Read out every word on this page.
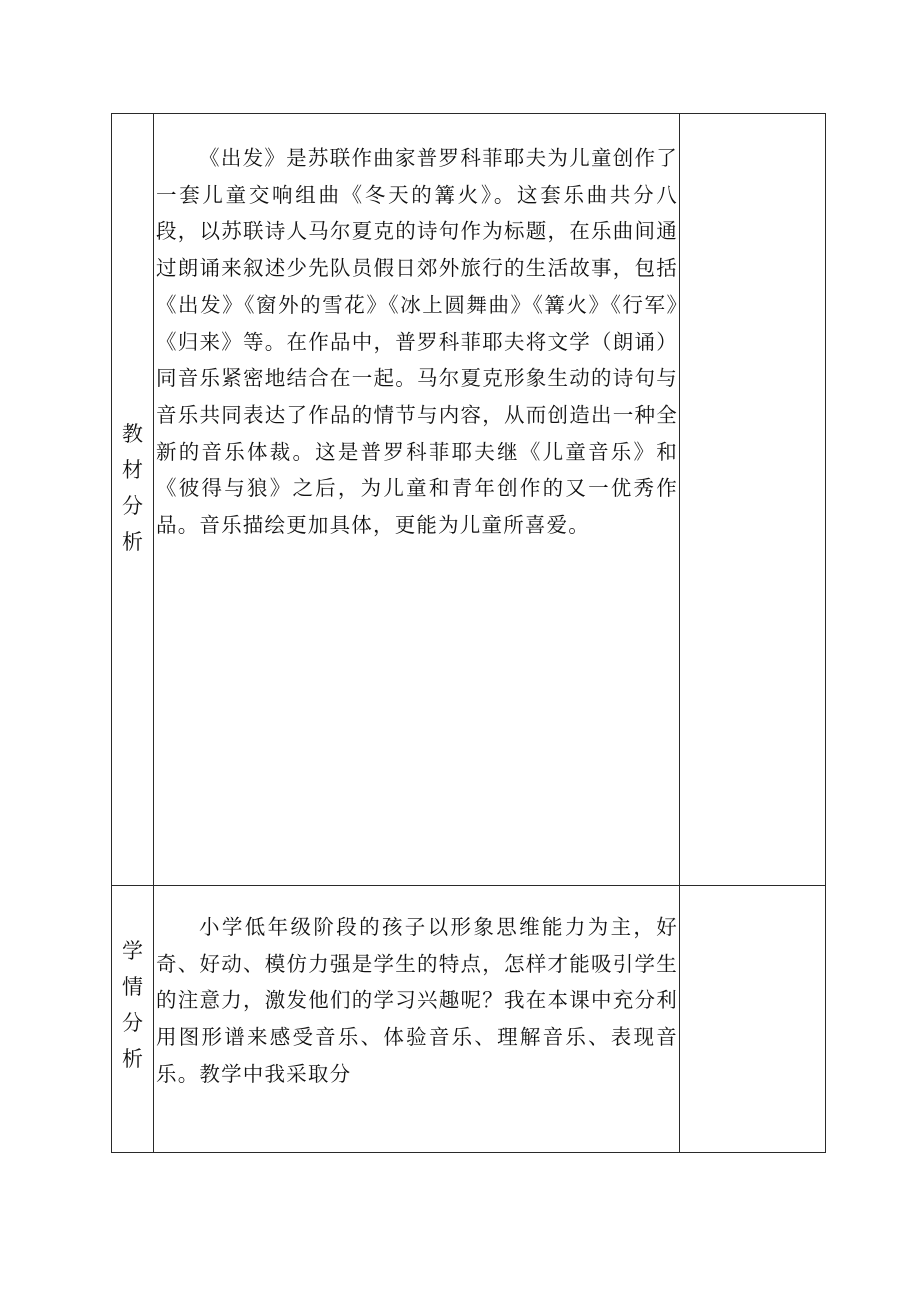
教
材
分
析

《出发》是苏联作曲家普罗科菲耶夫为儿童创作了一套儿童交响组曲《冬天的篝火》。这套乐曲共分八段，以苏联诗人马尔夏克的诗句作为标题，在乐曲间通过朗诵来叙述少先队员假日郊外旅行的生活故事，包括《出发》《窗外的雪花》《冰上圆舞曲》《篝火》《行军》《归来》等。在作品中，普罗科菲耶夫将文学（朗诵）同音乐紧密地结合在一起。马尔夏克形象生动的诗句与音乐共同表达了作品的情节与内容，从而创造出一种全新的音乐体裁。这是普罗科菲耶夫继《儿童音乐》和《彼得与狼》之后，为儿童和青年创作的又一优秀作品。音乐描绘更加具体，更能为儿童所喜爱。

学
情
分
析

小学低年级阶段的孩子以形象思维能力为主，好奇、好动、模仿力强是学生的特点，怎样才能吸引学生的注意力，激发他们的学习兴趣呢？我在本课中充分利用图形谱来感受音乐、体验音乐、理解音乐、表现音乐。教学中我采取分
